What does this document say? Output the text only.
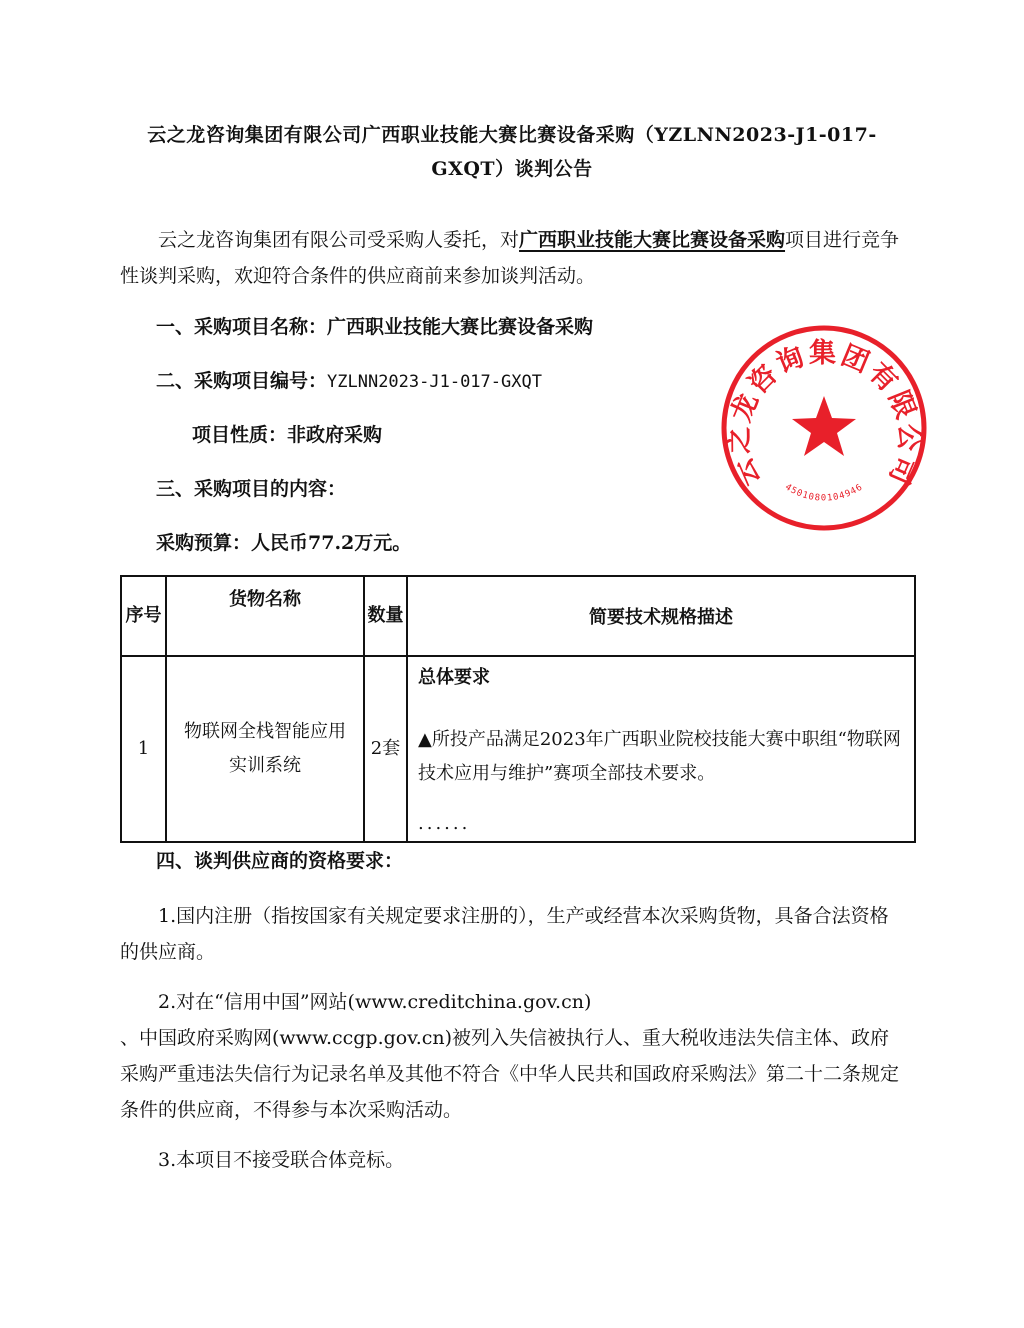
云之龙咨询集团有限公司广西职业技能大赛比赛设备采购（YZLNN2023-J1-017-
GXQT）谈判公告
云之龙咨询集团有限公司受采购人委托，对广西职业技能大赛比赛设备采购项目进行竞争性谈判采购，欢迎符合条件的供应商前来参加谈判活动。
一、采购项目名称：广西职业技能大赛比赛设备采购
二、采购项目编号：YZLNN2023-J1-017-GXQT
项目性质：非政府采购
三、采购项目的内容：
采购预算：人民币77.2万元。
序号	货物名称	数量	简要技术规格描述
1	物联网全栈智能应用实训系统	2套	总体要求
▲所投产品满足2023年广西职业院校技能大赛中职组“物联网技术应用与维护”赛项全部技术要求。
......
四、谈判供应商的资格要求：
1.国内注册（指按国家有关规定要求注册的），生产或经营本次采购货物，具备合法资格的供应商。
2.对在“信用中国”网站(www.creditchina.gov.cn)
、中国政府采购网(www.ccgp.gov.cn)被列入失信被执行人、重大税收违法失信主体、政府采购严重违法失信行为记录名单及其他不符合《中华人民共和国政府采购法》第二十二条规定条件的供应商，不得参与本次采购活动。
3.本项目不接受联合体竞标。
云之龙咨询集团有限公司
4501080104946
